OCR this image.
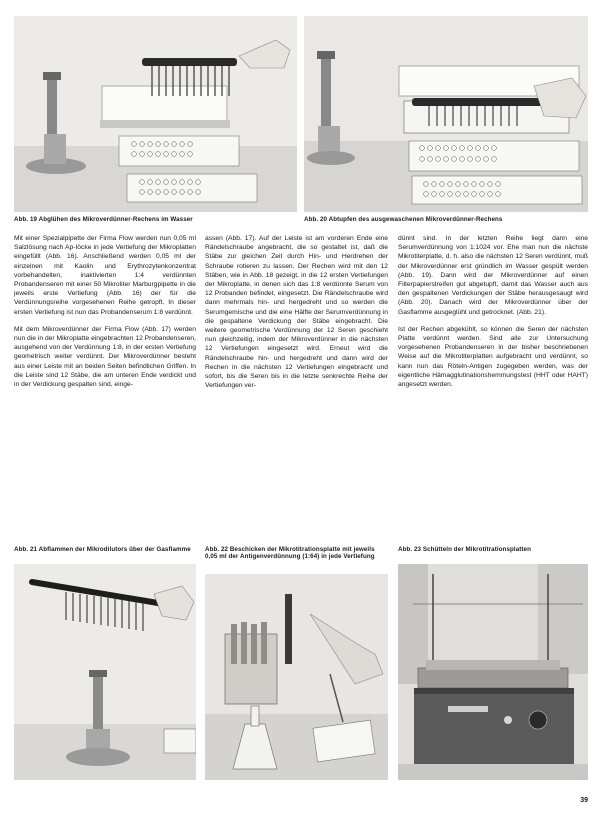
Abb. 19 Abglühen des Mikroverdünner-Rechens im Wasser	Abb. 20 Abtupfen des ausgewaschenen Mikroverdünner-Rechens

Mit einer Spezialpipette der Firma Flow werden nun 0,05 ml Salzlösung nach Ap-Iöcke in jede Vertiefung der Mikroplatten eingefüllt (Abb. 16). Anschließend werden 0,05 ml der einzelnen mit Kaolin und Erythrozytenkonzentrat vorbehandelten, inaktivierten 1:4 verdünnten Probandenseren mit einer 50 Mikroliter Marburgpipette in die jeweils erste Vertiefung (Abb. 16) der für die Verdünnungsreihe vorgesehenen Reihe getropft. In dieser ersten Vertiefung ist nun das Probandenserum 1:8 verdünnt.

Mit dem Mikroverdünner der Firma Flow (Abb. 17) werden nun die in der Mikroplatte eingebrachten 12 Probandenseren, ausgehend von der Verdünnung 1:8, in der ersten Vertiefung geometrisch weiter verdünnt. Der Mikroverdünner besteht aus einer Leiste mit an beiden Seiten befindlichen Griffen. In die Leiste sind 12 Stäbe, die am unteren Ende verdickt und in der Verdickung gespalten sind, einge-

assen (Abb. 17). Auf der Leiste ist am vorderen Ende eine Rändelschraube angebracht, die so gestaltet ist, daß die Stäbe zur gleichen Zeit durch Hin- und Herdrehen der Schraube rotieren zu lassen. Der Rechen wird mit den 12 Stäben, wie in Abb. 18 gezeigt, in die 12 ersten Vertiefungen der Mikroplatte, in denen sich das 1:8 verdünnte Serum von 12 Probanden befindet, eingesetzt. Die Rändelschraube wird dann mehrmals hin- und hergedreht und so werden die Serumgemische und die eine Hälfte der Serumverdünnung in die gespaltene Verdickung der Stäbe eingebracht. Die weitere geometrische Verdünnung der 12 Seren geschieht nun gleichzeitig, indem der Mikroverdünner in die nächsten 12 Vertiefungen eingesetzt wird. Erneut wird die Rändelschraube hin- und hergedreht und dann wird der Rechen in die nächsten 12 Vertiefungen eingebracht und sofort, bis die Seren bis in die letzte senkrechte Reihe der Vertiefungen ver-

dünnt sind. In der letzten Reihe liegt dann eine Serumverdünnung von 1:1024 vor. Ehe man nun die nächste Mikrotiterplatte, d. h. also die nächsten 12 Seren verdünnt, muß der Mikroverdünner erst gründlich im Wasser gespült werden (Abb. 19). Dann wird der Mikroverdünner auf einen Filterpapierstreifen gut abgetupft, damit das Wasser auch aus den gespaltenen Verdickungen der Stäbe herausgesaugt wird (Abb. 20). Danach wird der Mikroverdünner über der Gasflamme ausgeglüht und getrocknet. (Abb. 21).

Ist der Rechen abgekühlt, so können die Seren der nächsten Platte verdünnt werden. Sind alle zur Untersuchung vorgesehenen Probandenseren in der bisher beschriebenen Weise auf die Mikrotiterplatten aufgebracht und verdünnt, so kann nun das Röteln-Antigen zugegeben werden, was der eigentliche Hämagglutinationshemmungstest (HHT oder HAHT) angesetzt werden.

Abb. 21 Abflammen der Mikrodilutors über der Gasflamme	Abb. 22 Beschicken der Mikrotitrationsplatte mit jeweils 0,05 ml der Antigenverdünnung (1:64) in jede Vertiefung
Abb. 23 Schütteln der Mikrotitrationsplatten
39
